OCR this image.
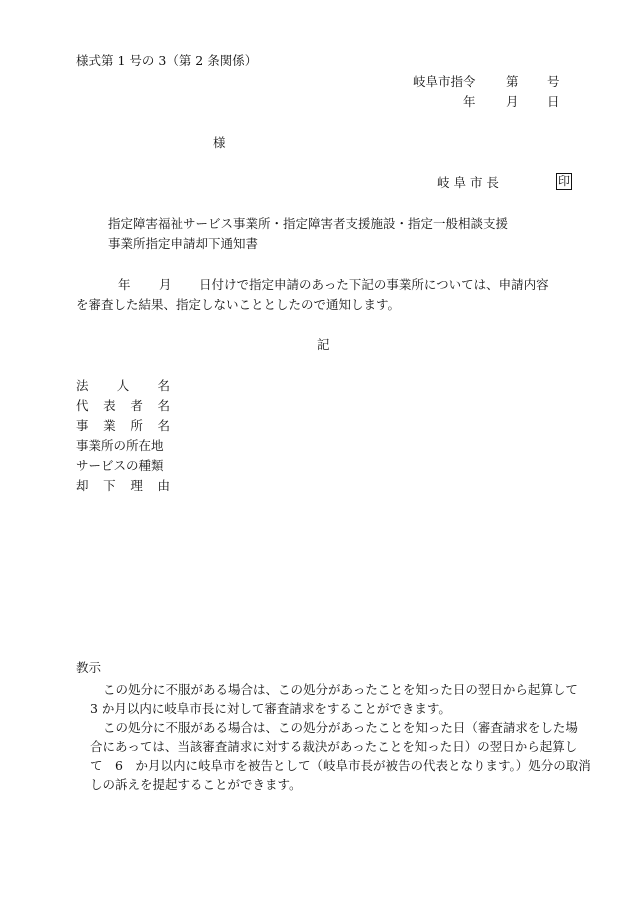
様式第 1 号の 3（第 2 条関係）
岐阜市指令 第 号
年 月 日
様
岐 阜 市 長	印
指定障害福祉サービス事業所・指定障害者支援施設・指定一般相談支援
事業所指定申請却下通知書
年 月 日付けで指定申請のあった下記の事業所については、申請内容
を審査した結果、指定しないこととしたので通知します。
記
法 人 名
代 表 者 名
事 業 所 名
事業所の所在地
サービスの種類
却 下 理 由
教示
この処分に不服がある場合は、この処分があったことを知った日の翌日から起算して
3 か月以内に岐阜市長に対して審査請求をすることができます。
この処分に不服がある場合は、この処分があったことを知った日（審査請求をした場
合にあっては、当該審査請求に対する裁決があったことを知った日）の翌日から起算し
て　6　か月以内に岐阜市を被告として（岐阜市長が被告の代表となります。）処分の取消
しの訴えを提起することができます。
